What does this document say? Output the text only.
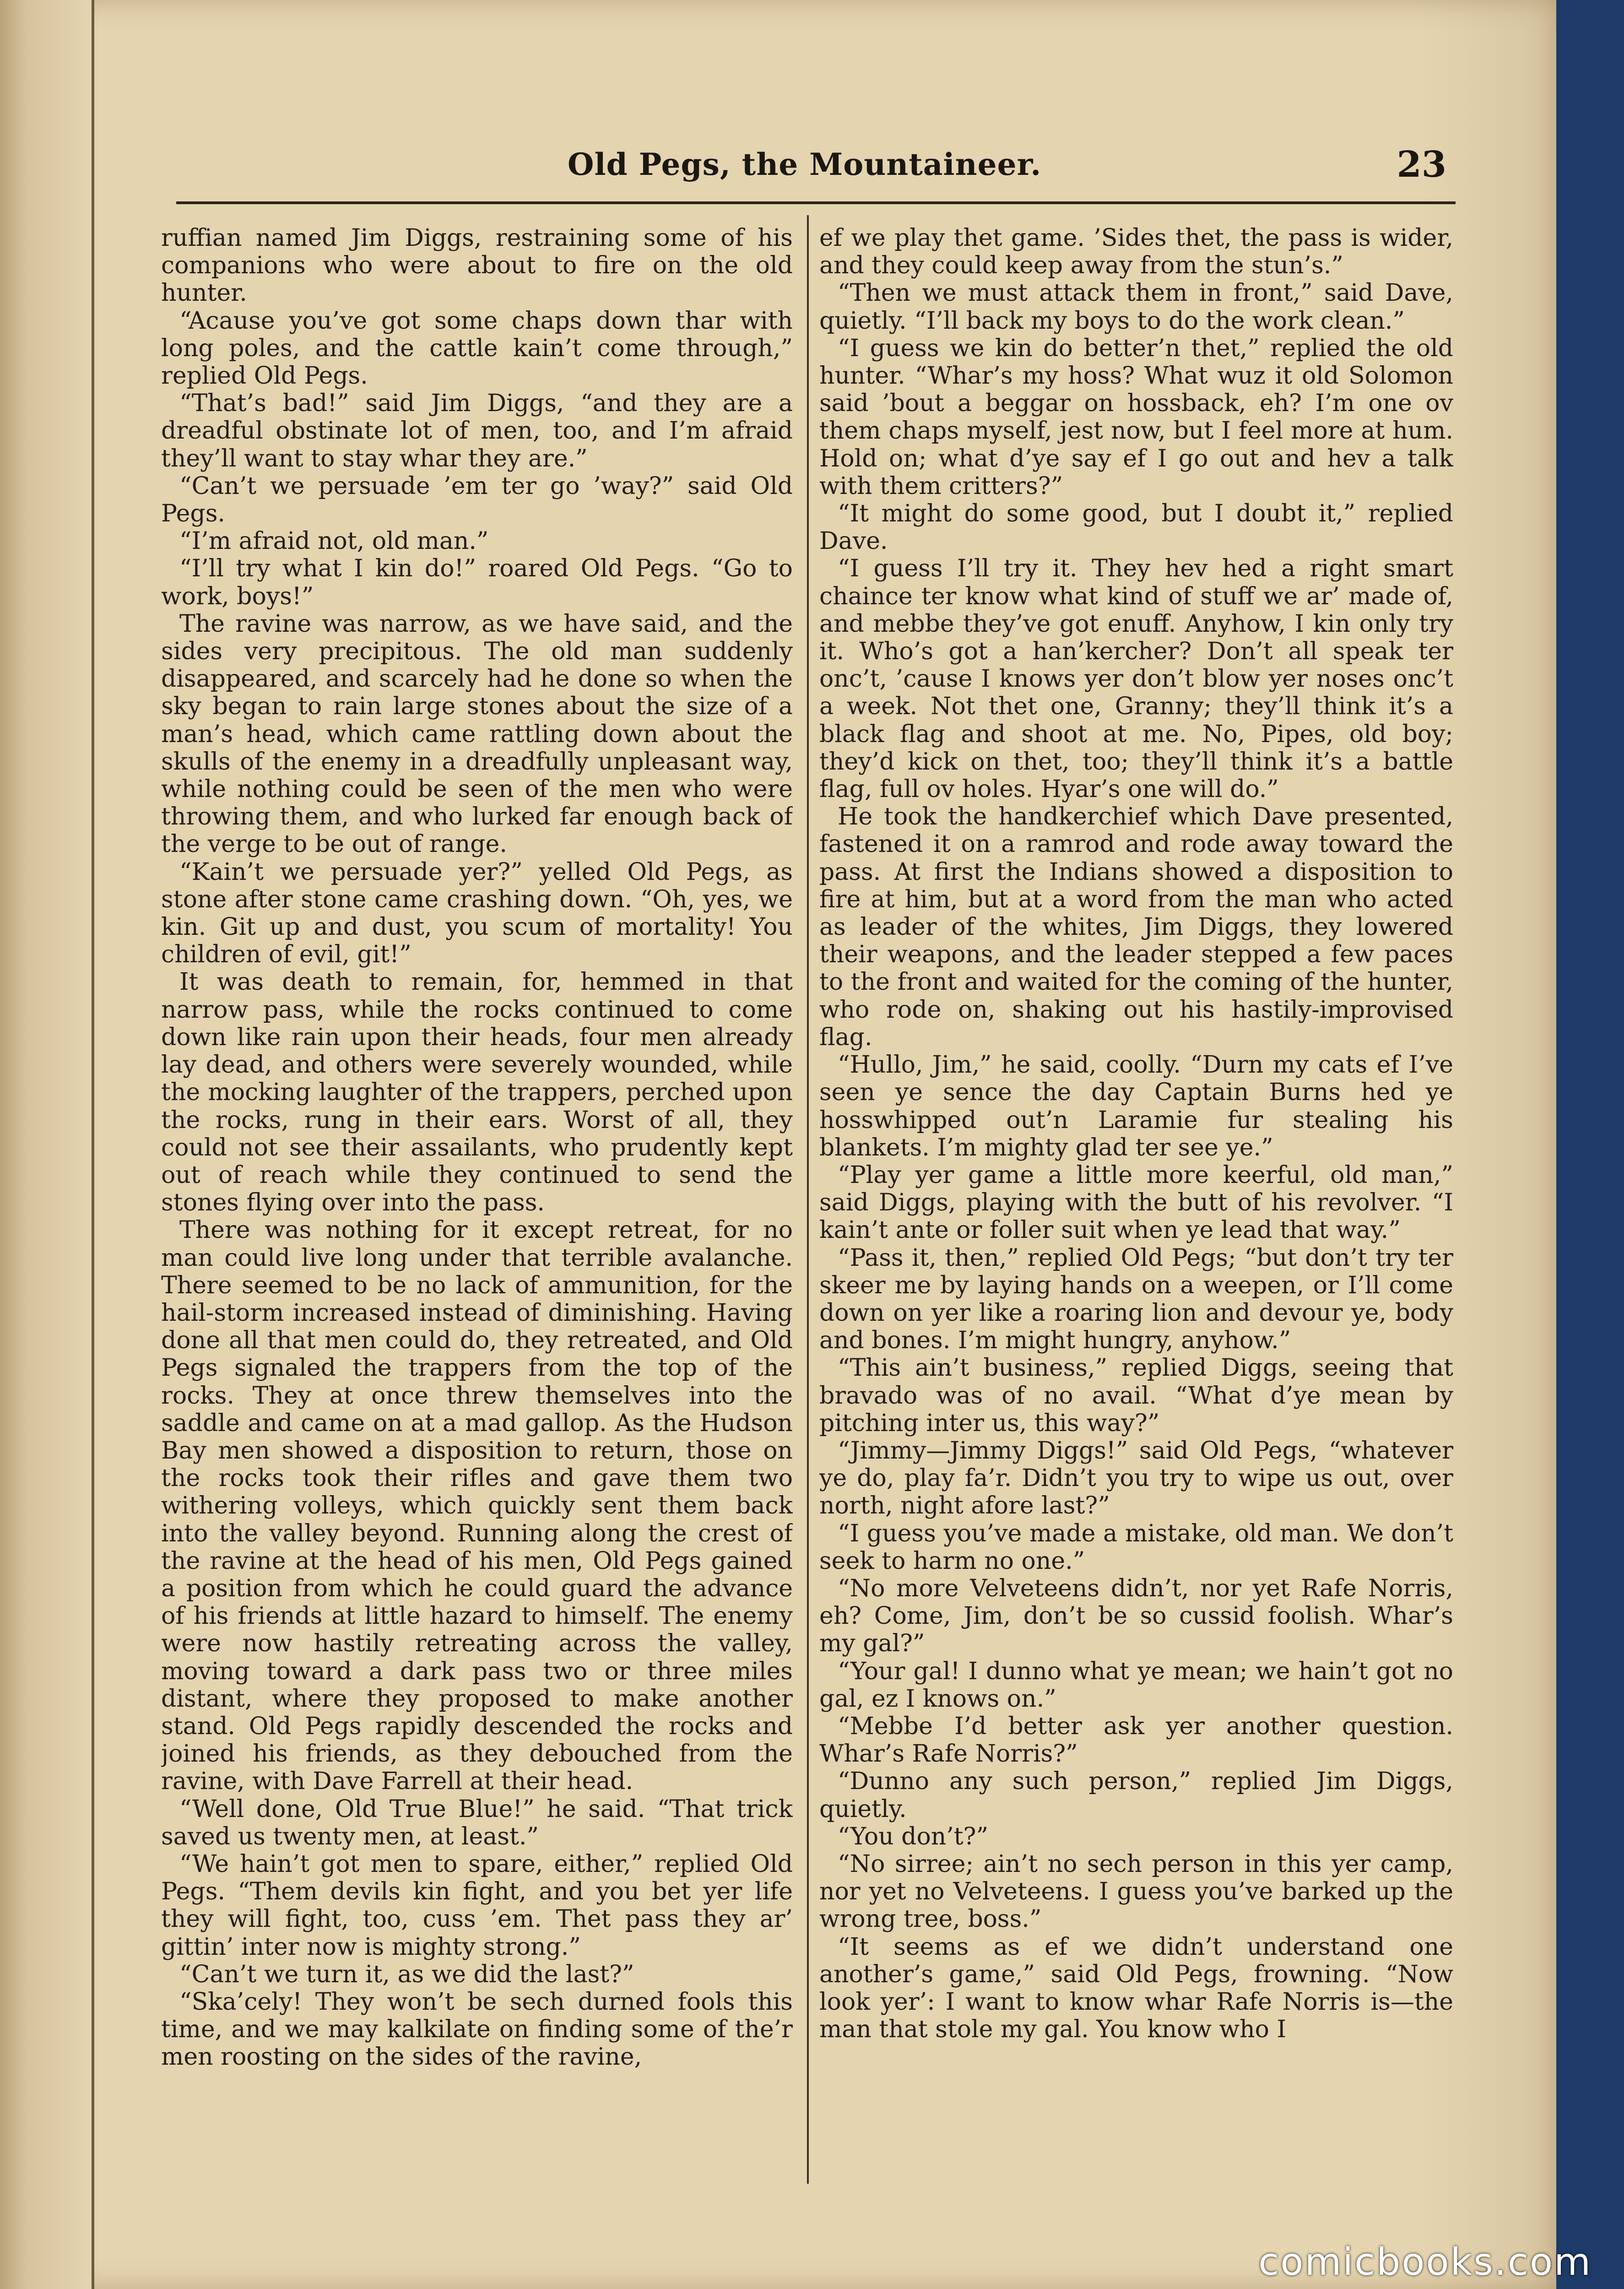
Old Pegs, the Mountaineer.	23

ruffian named Jim Diggs, restraining some of his companions who were about to fire on the old hunter.

“Acause you’ve got some chaps down thar with long poles, and the cattle kain’t come through,” replied Old Pegs.

“That’s bad!” said Jim Diggs, “and they are a dreadful obstinate lot of men, too, and I’m afraid they’ll want to stay whar they are.”

“Can’t we persuade ’em ter go ’way?” said Old Pegs.

“I’m afraid not, old man.”

“I’ll try what I kin do!” roared Old Pegs. “Go to work, boys!”

The ravine was narrow, as we have said, and the sides very precipitous. The old man suddenly disappeared, and scarcely had he done so when the sky began to rain large stones about the size of a man’s head, which came rattling down about the skulls of the enemy in a dreadfully unpleasant way, while nothing could be seen of the men who were throwing them, and who lurked far enough back of the verge to be out of range.

“Kain’t we persuade yer?” yelled Old Pegs, as stone after stone came crashing down. “Oh, yes, we kin. Git up and dust, you scum of mortality! You children of evil, git!”

It was death to remain, for, hemmed in that narrow pass, while the rocks continued to come down like rain upon their heads, four men already lay dead, and others were severely wounded, while the mocking laughter of the trappers, perched upon the rocks, rung in their ears. Worst of all, they could not see their assailants, who prudently kept out of reach while they continued to send the stones flying over into the pass.

There was nothing for it except retreat, for no man could live long under that terrible avalanche. There seemed to be no lack of ammunition, for the hail-storm increased instead of diminishing. Having done all that men could do, they retreated, and Old Pegs signaled the trappers from the top of the rocks. They at once threw themselves into the saddle and came on at a mad gallop. As the Hudson Bay men showed a disposition to return, those on the rocks took their rifles and gave them two withering volleys, which quickly sent them back into the valley beyond. Running along the crest of the ravine at the head of his men, Old Pegs gained a position from which he could guard the advance of his friends at little hazard to himself. The enemy were now hastily retreating across the valley, moving toward a dark pass two or three miles distant, where they proposed to make another stand. Old Pegs rapidly descended the rocks and joined his friends, as they debouched from the ravine, with Dave Farrell at their head.

“Well done, Old True Blue!” he said. “That trick saved us twenty men, at least.”

“We hain’t got men to spare, either,” replied Old Pegs. “Them devils kin fight, and you bet yer life they will fight, too, cuss ’em. Thet pass they ar’ gittin’ inter now is mighty strong.”

“Can’t we turn it, as we did the last?”

“Ska’cely! They won’t be sech durned fools this time, and we may kalkilate on finding some of the’r men roosting on the sides of the ravine,

ef we play thet game. ’Sides thet, the pass is wider, and they could keep away from the stun’s.”

“Then we must attack them in front,” said Dave, quietly. “I’ll back my boys to do the work clean.”

“I guess we kin do better’n thet,” replied the old hunter. “Whar’s my hoss? What wuz it old Solomon said ’bout a beggar on hossback, eh? I’m one ov them chaps myself, jest now, but I feel more at hum. Hold on; what d’ye say ef I go out and hev a talk with them critters?”

“It might do some good, but I doubt it,” replied Dave.

“I guess I’ll try it. They hev hed a right smart chaince ter know what kind of stuff we ar’ made of, and mebbe they’ve got enuff. Anyhow, I kin only try it. Who’s got a han’kercher? Don’t all speak ter onc’t, ’cause I knows yer don’t blow yer noses onc’t a week. Not thet one, Granny; they’ll think it’s a black flag and shoot at me. No, Pipes, old boy; they’d kick on thet, too; they’ll think it’s a battle flag, full ov holes. Hyar’s one will do.”

He took the handkerchief which Dave presented, fastened it on a ramrod and rode away toward the pass. At first the Indians showed a disposition to fire at him, but at a word from the man who acted as leader of the whites, Jim Diggs, they lowered their weapons, and the leader stepped a few paces to the front and waited for the coming of the hunter, who rode on, shaking out his hastily-improvised flag.

“Hullo, Jim,” he said, coolly. “Durn my cats ef I’ve seen ye sence the day Captain Burns hed ye hosswhipped out’n Laramie fur stealing his blankets. I’m mighty glad ter see ye.”

“Play yer game a little more keerful, old man,” said Diggs, playing with the butt of his revolver. “I kain’t ante or foller suit when ye lead that way.”

“Pass it, then,” replied Old Pegs; “but don’t try ter skeer me by laying hands on a weepen, or I’ll come down on yer like a roaring lion and devour ye, body and bones. I’m might hungry, anyhow.”

“This ain’t business,” replied Diggs, seeing that bravado was of no avail. “What d’ye mean by pitching inter us, this way?”

“Jimmy—Jimmy Diggs!” said Old Pegs, “whatever ye do, play fa’r. Didn’t you try to wipe us out, over north, night afore last?”

“I guess you’ve made a mistake, old man. We don’t seek to harm no one.”

“No more Velveteens didn’t, nor yet Rafe Norris, eh? Come, Jim, don’t be so cussid foolish. Whar’s my gal?”

“Your gal! I dunno what ye mean; we hain’t got no gal, ez I knows on.”

“Mebbe I’d better ask yer another question. Whar’s Rafe Norris?”

“Dunno any such person,” replied Jim Diggs, quietly.

“You don’t?”

“No sirree; ain’t no sech person in this yer camp, nor yet no Velveteens. I guess you’ve barked up the wrong tree, boss.”

“It seems as ef we didn’t understand one another’s game,” said Old Pegs, frowning. “Now look yer’: I want to know whar Rafe Norris is—the man that stole my gal. You know who I

comicbooks.com
